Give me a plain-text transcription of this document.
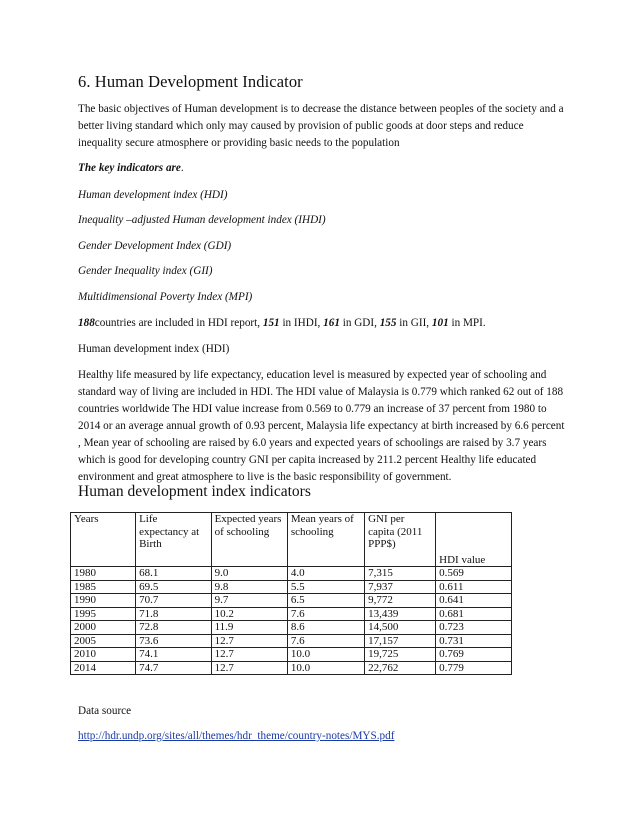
6. Human Development Indicator

The basic objectives of Human development is to decrease the distance between peoples of the society and a better living standard which only may caused by provision of public goods at door steps and reduce inequality secure atmosphere or providing basic needs to the population

The key indicators are.

Human development index (HDI)

Inequality –adjusted Human development index (IHDI)

Gender Development Index (GDI)

Gender Inequality index (GII)

Multidimensional Poverty Index (MPI)

188countries are included in HDI report, 151 in IHDI, 161 in GDI, 155 in GII, 101 in MPI.

Human development index (HDI)

Healthy life measured by life expectancy, education level is measured by expected year of schooling and standard way of living are included in HDI. The HDI value of Malaysia is 0.779 which ranked 62 out of 188 countries worldwide The HDI value increase from 0.569 to 0.779 an increase of 37 percent from 1980 to 2014 or an average annual growth of 0.93 percent, Malaysia life expectancy at birth increased by 6.6 percent , Mean year of schooling are raised by 6.0 years and expected years of schoolings are raised by 3.7 years which is good for developing country GNI per capita increased by 211.2 percent Healthy life educated environment and great atmosphere to live is the basic responsibility of government.

Human development index indicators
Years	Life expectancy at Birth	Expected years of schooling	Mean years of schooling	GNI per capita (2011 PPP$)	HDI value
1980	68.1	9.0	4.0	7,315	0.569
1985	69.5	9.8	5.5	7,937	0.611
1990	70.7	9.7	6.5	9,772	0.641
1995	71.8	10.2	7.6	13,439	0.681
2000	72.8	11.9	8.6	14,500	0.723
2005	73.6	12.7	7.6	17,157	0.731
2010	74.1	12.7	10.0	19,725	0.769
2014	74.7	12.7	10.0	22,762	0.779

Data source

http://hdr.undp.org/sites/all/themes/hdr_theme/country-notes/MYS.pdf
